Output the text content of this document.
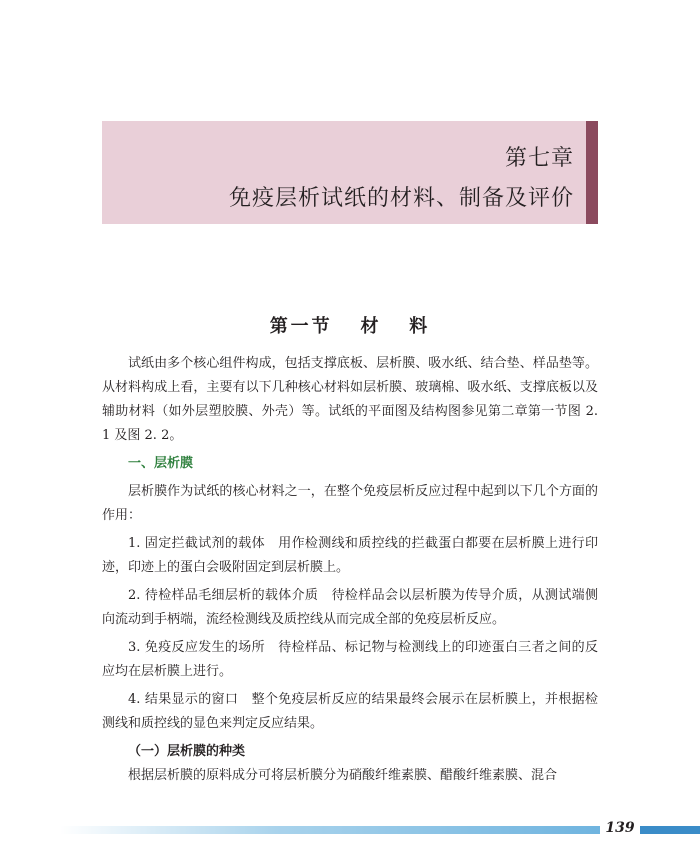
第七章
免疫层析试纸的材料、制备及评价
第一节   材   料

试纸由多个核心组件构成，包括支撑底板、层析膜、吸水纸、结合垫、样品垫等。从材料构成上看，主要有以下几种核心材料如层析膜、玻璃棉、吸水纸、支撑底板以及辅助材料（如外层塑胶膜、外壳）等。试纸的平面图及结构图参见第二章第一节图 2. 1 及图 2. 2。

一、层析膜

层析膜作为试纸的核心材料之一，在整个免疫层析反应过程中起到以下几个方面的作用：

1. 固定拦截试剂的载体　用作检测线和质控线的拦截蛋白都要在层析膜上进行印迹，印迹上的蛋白会吸附固定到层析膜上。

2. 待检样品毛细层析的载体介质　待检样品会以层析膜为传导介质，从测试端侧向流动到手柄端，流经检测线及质控线从而完成全部的免疫层析反应。

3. 免疫反应发生的场所　待检样品、标记物与检测线上的印迹蛋白三者之间的反应均在层析膜上进行。

4. 结果显示的窗口　整个免疫层析反应的结果最终会展示在层析膜上，并根据检测线和质控线的显色来判定反应结果。

（一）层析膜的种类

根据层析膜的原料成分可将层析膜分为硝酸纤维素膜、醋酸纤维素膜、混合

139
